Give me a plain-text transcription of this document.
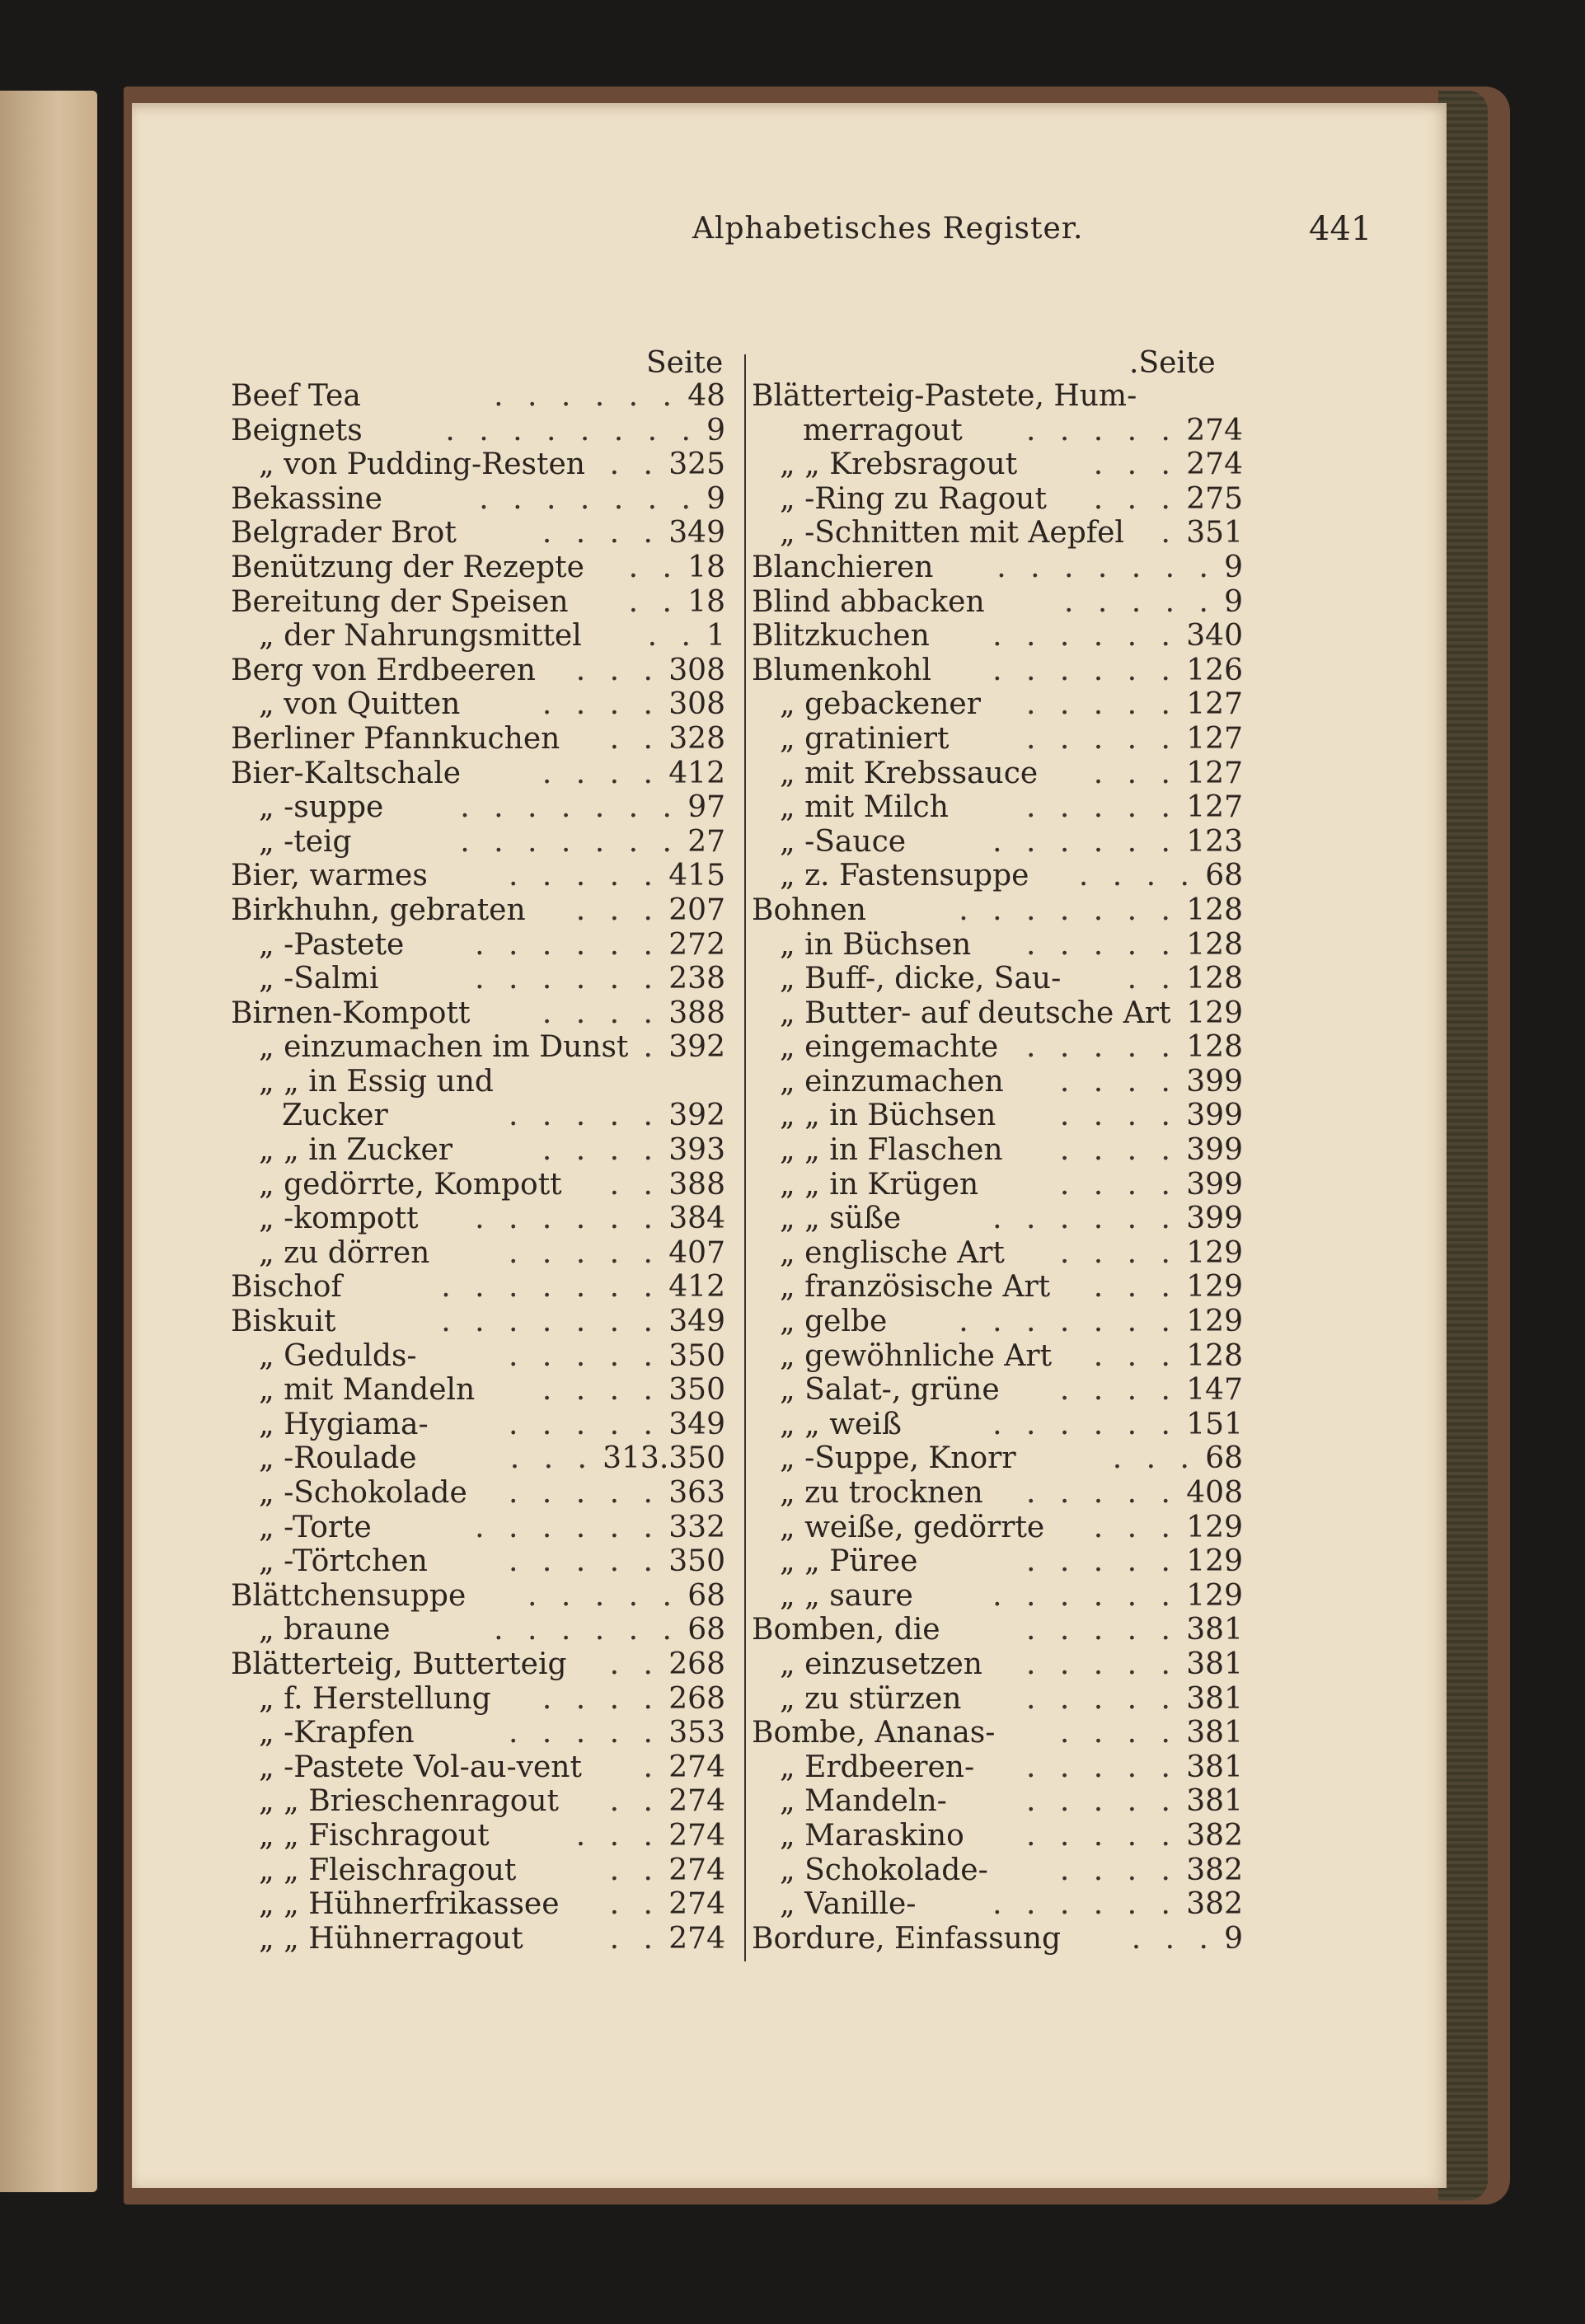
Alphabetisches Register.	441
Seite	.Seite
Beef Tea	. . . . . . 48
Beignets	. . . . . . . . 9
„ von Pudding-Resten . . 325
Bekassine	. . . . . . . 9
Belgrader Brot	. . . . 349
Benützung der Rezepte	. . 18
Bereitung der Speisen	. . 18
„ der Nahrungsmittel	. . 1
Berg von Erdbeeren	. . . 308
„ von Quitten	. . . . 308
Berliner Pfannkuchen	. . 328
Bier-Kaltschale	. . . . 412
„ -suppe	. . . . . . . 97
„ -teig	. . . . . . . 27
Bier, warmes	. . . . . 415
Birkhuhn, gebraten	. . . 207
„ -Pastete	. . . . . . 272
„ -Salmi	. . . . . . 238
Birnen-Kompott	. . . . 388
„ einzumachen im Dunst . 392
„ „ in Essig und
Zucker	. . . . . 392
„ „ in Zucker	. . . . 393
„ gedörrte, Kompott	. . 388
„ -kompott	. . . . . . 384
„ zu dörren	. . . . . 407
Bischof	. . . . . . . 412
Biskuit	. . . . . . . 349
„ Gedulds-	. . . . . 350
„ mit Mandeln	. . . . 350
„ Hygiama-	. . . . . 349
„ -Roulade	. . . 313.350
„ -Schokolade	. . . . . 363
„ -Torte	. . . . . . 332
„ -Törtchen	. . . . . 350
Blättchensuppe	. . . . . 68
„ braune	. . . . . . 68
Blätterteig, Butterteig	. . 268
„ f. Herstellung	. . . . 268
„ -Krapfen	. . . . . 353
„ -Pastete Vol-au-vent	. 274
„ „ Brieschenragout	. . 274
„ „ Fischragout	. . . 274
„ „ Fleischragout	. . 274
„ „ Hühnerfrikassee	. . 274
„ „ Hühnerragout	. . 274
Blätterteig-Pastete, Hum-
merragout	. . . . . 274
„ „ Krebsragout	. . . 274
„ -Ring zu Ragout	. . . 275
„ -Schnitten mit Aepfel	. 351
Blanchieren	. . . . . . . 9
Blind abbacken	. . . . . 9
Blitzkuchen	. . . . . . 340
Blumenkohl	. . . . . . 126
„ gebackener	. . . . . 127
„ gratiniert	. . . . . 127
„ mit Krebssauce	. . . 127
„ mit Milch	. . . . . 127
„ -Sauce	. . . . . . 123
„ z. Fastensuppe	. . . . 68
Bohnen	. . . . . . . 128
„ in Büchsen	. . . . . 128
„ Buff-, dicke, Sau-	. . 128
„ Butter- auf deutsche Art 129
„ eingemachte . . . . . 128
„ einzumachen	. . . . 399
„ „ in Büchsen	. . . . 399
„ „ in Flaschen	. . . . 399
„ „ in Krügen	. . . . 399
„ „ süße	. . . . . . 399
„ englische Art	. . . . 129
„ französische Art	. . . 129
„ gelbe	. . . . . . . 129
„ gewöhnliche Art	. . . 128
„ Salat-, grüne	. . . . 147
„ „ weiß	. . . . . . 151
„ -Suppe, Knorr	. . . 68
„ zu trocknen	. . . . . 408
„ weiße, gedörrte	. . . 129
„ „ Püree	. . . . . 129
„ „ saure	. . . . . . 129
Bomben, die	. . . . . 381
„ einzusetzen	. . . . . 381
„ zu stürzen	. . . . . 381
Bombe, Ananas-	. . . . 381
„ Erdbeeren-	. . . . . 381
„ Mandeln-	. . . . . 381
„ Maraskino	. . . . . 382
„ Schokolade-	. . . . 382
„ Vanille-	. . . . . . 382
Bordure, Einfassung	. . . 9
